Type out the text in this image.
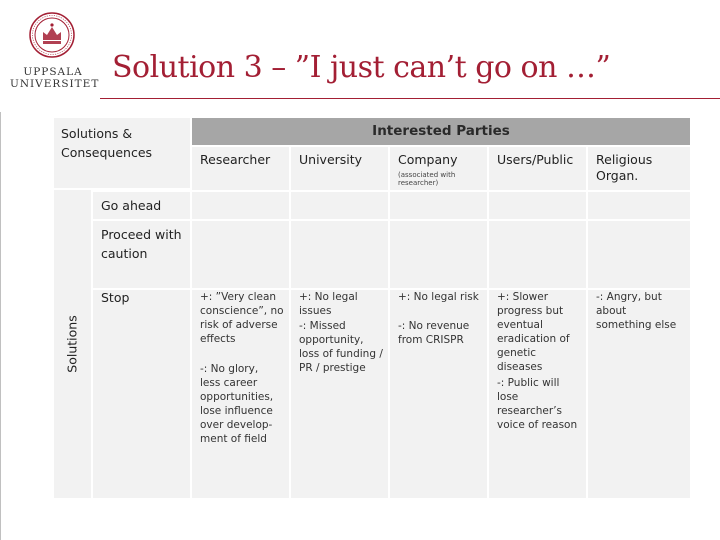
UPPSALA
UNIVERSITET Solution 3 – ”I just can’t go on …”
Solutions & Consequences
Interested Parties
Researcher University	Company
(associated with researcher)
Users/Public Religious Organ.
Solutions
Go ahead
Proceed with caution
Stop	+: ”Very clean conscience”, no risk of adverse effects
-: No glory, less career opportunities, lose influence over develop-ment of field
+: No legal issues
-: Missed opportunity, loss of funding / PR / prestige
+: No legal risk
-: No revenue from CRISPR
+: Slower progress but eventual eradication of genetic diseases
-: Public will lose researcher’s voice of reason
-: Angry, but about something else
